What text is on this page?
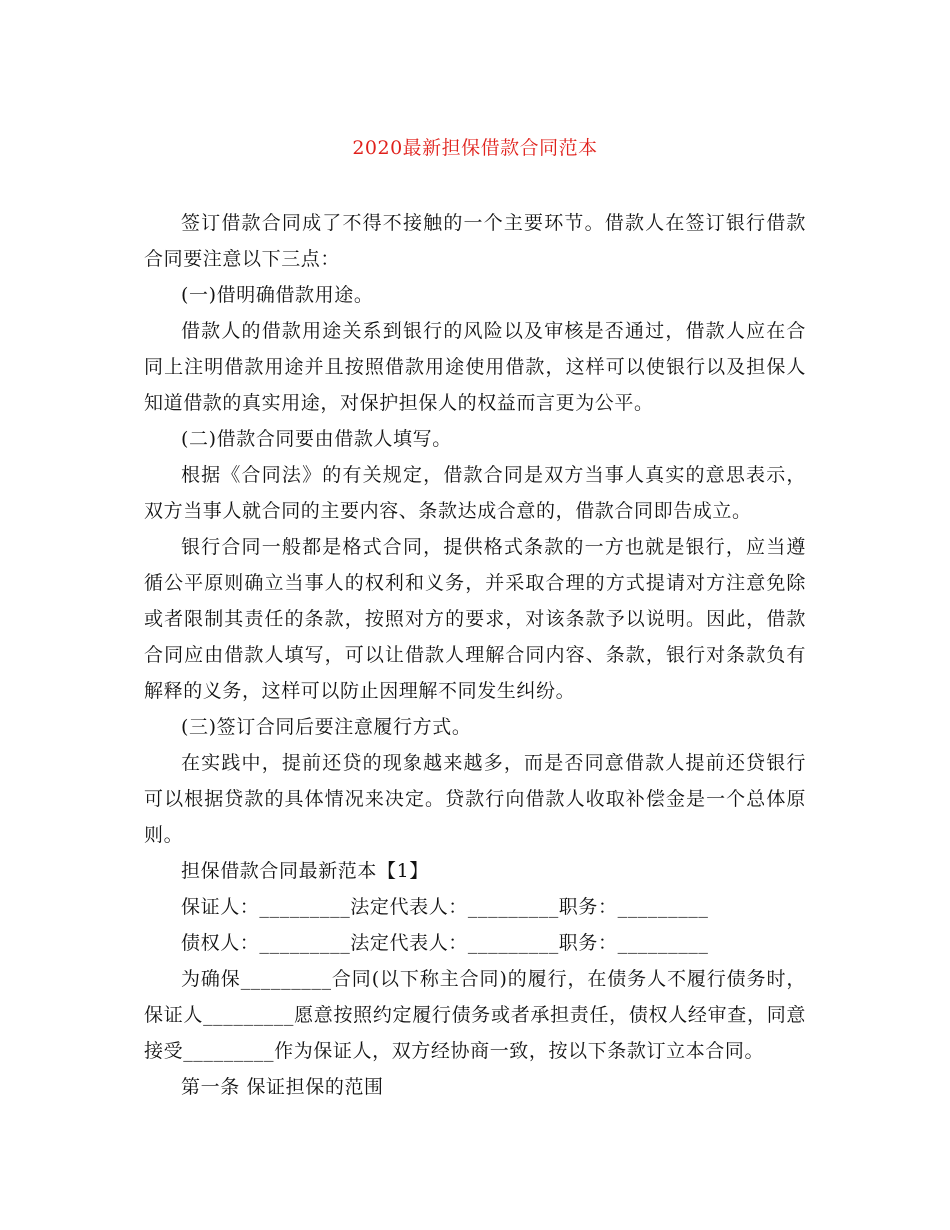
2020最新担保借款合同范本

签订借款合同成了不得不接触的一个主要环节。借款人在签订银行借款合同要注意以下三点：

(一)借明确借款用途。

借款人的借款用途关系到银行的风险以及审核是否通过，借款人应在合同上注明借款用途并且按照借款用途使用借款，这样可以使银行以及担保人知道借款的真实用途，对保护担保人的权益而言更为公平。

(二)借款合同要由借款人填写。

根据《合同法》的有关规定，借款合同是双方当事人真实的意思表示，双方当事人就合同的主要内容、条款达成合意的，借款合同即告成立。

银行合同一般都是格式合同，提供格式条款的一方也就是银行，应当遵循公平原则确立当事人的权利和义务，并采取合理的方式提请对方注意免除或者限制其责任的条款，按照对方的要求，对该条款予以说明。因此，借款合同应由借款人填写，可以让借款人理解合同内容、条款，银行对条款负有解释的义务，这样可以防止因理解不同发生纠纷。

(三)签订合同后要注意履行方式。

在实践中，提前还贷的现象越来越多，而是否同意借款人提前还贷银行可以根据贷款的具体情况来决定。贷款行向借款人收取补偿金是一个总体原则。

担保借款合同最新范本【1】

保证人：_________法定代表人：_________职务：_________

债权人：_________法定代表人：_________职务：_________

为确保_________合同(以下称主合同)的履行，在债务人不履行债务时，保证人_________愿意按照约定履行债务或者承担责任，债权人经审查，同意接受_________作为保证人，双方经协商一致，按以下条款订立本合同。

第一条 保证担保的范围
